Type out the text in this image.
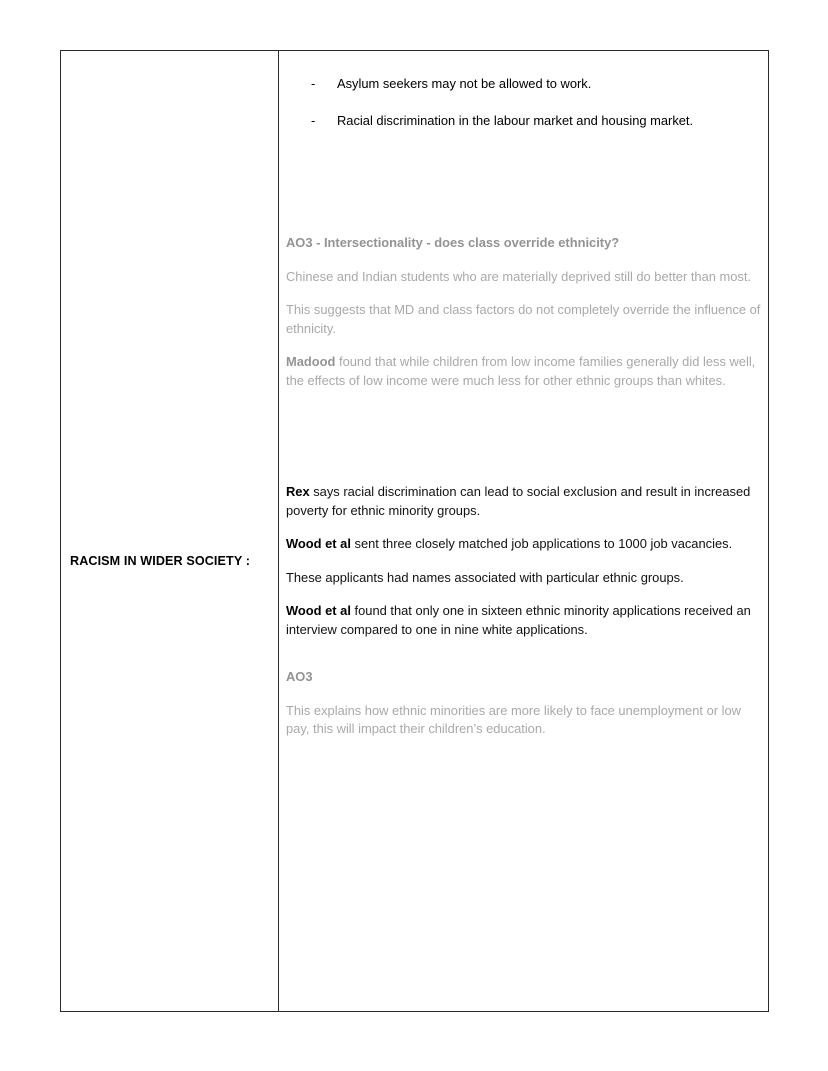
RACISM IN WIDER SOCIETY :

- Asylum seekers may not be allowed to work.
- Racial discrimination in the labour market and housing market.

AO3 - Intersectionality - does class override ethnicity?

Chinese and Indian students who are materially deprived still do better than most.

This suggests that MD and class factors do not completely override the influence of ethnicity.

Madood found that while children from low income families generally did less well, the effects of low income were much less for other ethnic groups than whites.

Rex says racial discrimination can lead to social exclusion and result in increased poverty for ethnic minority groups.

Wood et al sent three closely matched job applications to 1000 job vacancies.

These applicants had names associated with particular ethnic groups.

Wood et al found that only one in sixteen ethnic minority applications received an interview compared to one in nine white applications.

AO3

This explains how ethnic minorities are more likely to face unemployment or low pay, this will impact their children’s education.
